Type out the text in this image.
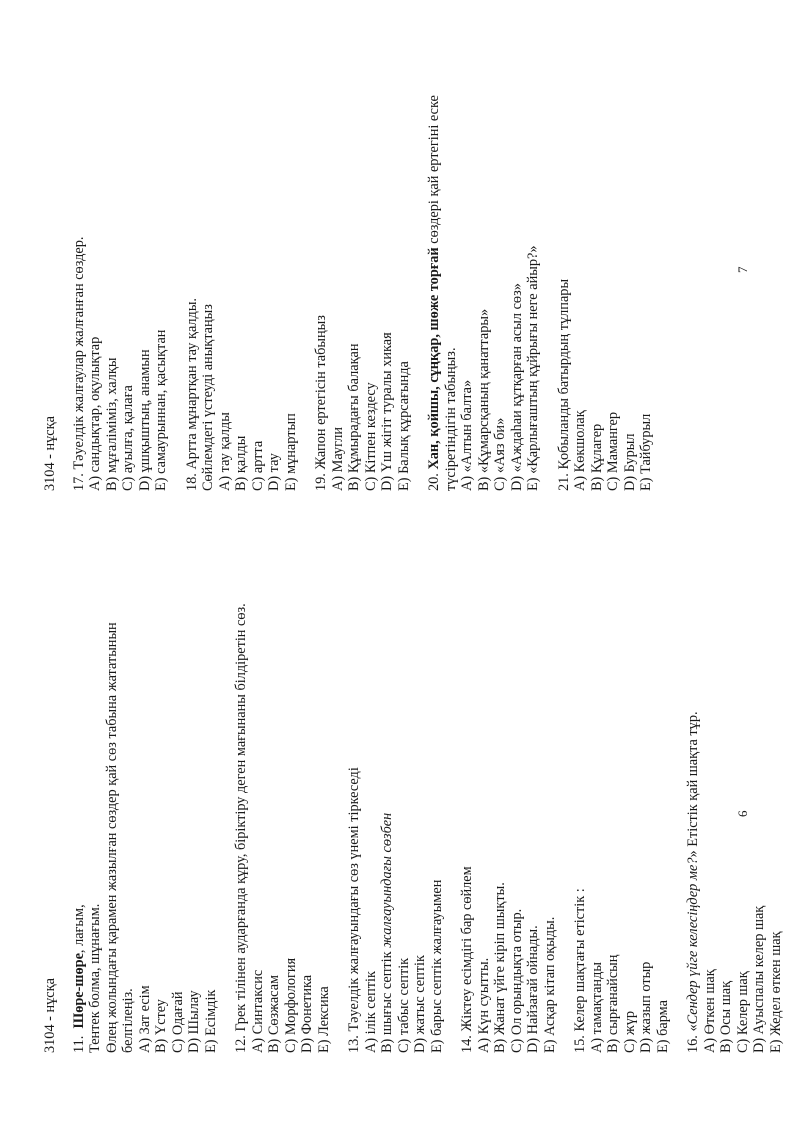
3104 - нұсқа 11.  Шөре-шөре, лағым, Тентек болма, шұнағым. Өлең жолындағы қарамен жазылған сөздер қай сөз табына жататынын белгілеңіз. A) Зат есім B) Үстеу C) Одағай D) Шылау E) Есімдік 12. Грек тілінен аударғанда құру, біріктіру деген мағынаны білдіретін сөз. A) Синтаксис B) Сөзжасам C) Морфология D) Фонетика E) Лексика 13. Тәуелдік жалғауындағы сөз үнемі тіркеседі A) ілік септік B) шығыс септік жалғауындағы сөзбен
C) табыс септік D) жатыс септік E) барыс септік жалғауымен 14. Жіктеу есімдігі бар сөйлем A) Күн суытты. B) Жанат үйге кіріп шықты. C) Ол орындықта отыр. D) Найзағай ойнады. E) Асқар кітап оқыды. 15. Келер шақтағы етістік : A) тамақтанды B) сырғанайсың C) жүр D) жазып отыр E) барма 16. «Сендер үйге келесіңдер ме?» Етістік қай шақта тұр.
A) Өткен шақ B) Осы шақ C) Келер шақ D) Ауыспалы келер шақ E) Жедел өткен шақ
6
3104 - нұсқа 17. Тәуелдік жалғаулар жалғанған сөздер. A) сандықтар, оқулықтар B) мұғаліміміз, халқы C) ауылға, қалаға D) ұшқыштың, анамын E) самаурыннан, қасықтан 18. Артта мұнартқан тау қалды. Сөйлемдегі үстеуді анықтаңыз A) тау қалды B) қалды C) артта D) тау E) мұнартып 19. Жапон ертегісін табыңыз A) Маугли B) Құмырадағы балақан C) Кітпен кездесу D) Үш жігіт туралы хикая E) Балық құрсағында 20. Хан, қойшы, сұңқар, шөже торғай сөздері қай ертегіні еске
түсіретіндігін табыңыз. A) «Алтын балта» B) «Құмарсқаның қанаттары» C) «Аяз би» D) «Аждаһаи құтқарған асыл сөз» E) «Қарлығаштың құйрығы неге айыр?» 21. Қобыланды батырдың тұлпары A) Көкшолақ B) Құлагер C) Мамангер D) Бурыл E) Тайбурыл
7
